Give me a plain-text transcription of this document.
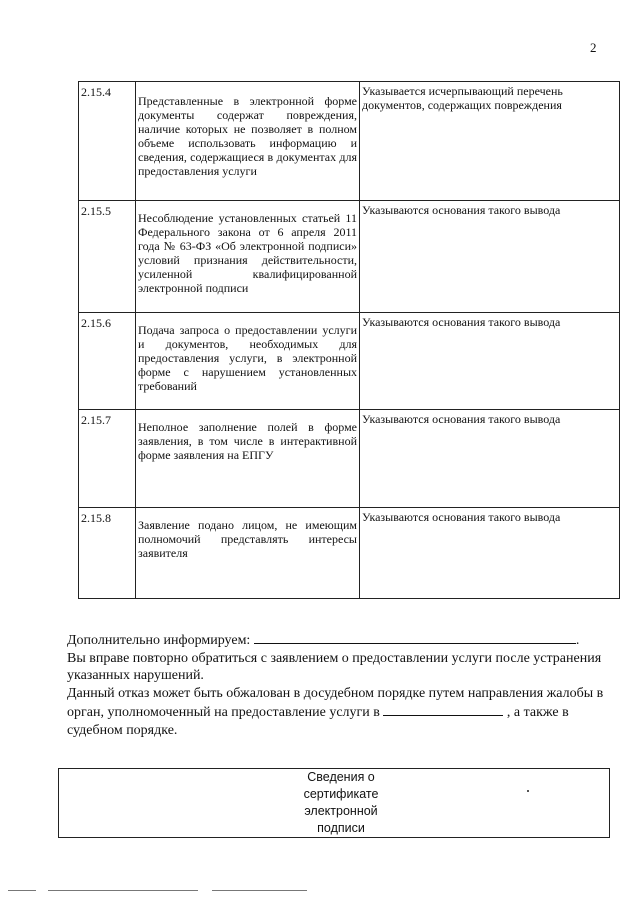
2
2.15.4	Представленные в электронной форме документы содержат повреждения, наличие которых не позволяет в полном объеме использовать информацию и сведения, содержащиеся в документах для предоставления услуги	Указывается исчерпывающий перечень документов, содержащих повреждения
2.15.5	Несоблюдение установленных статьей 11 Федерального закона от 6 апреля 2011 года № 63-ФЗ «Об электронной подписи» условий признания действительности, усиленной квалифицированной электронной подписи	Указываются основания такого вывода
2.15.6	Подача запроса о предоставлении услуги и документов, необходимых для предоставления услуги, в электронной форме с нарушением установленных требований	Указываются основания такого вывода
2.15.7	Неполное заполнение полей в форме заявления, в том числе в интерактивной форме заявления на ЕПГУ	Указываются основания такого вывода
2.15.8	Заявление подано лицом, не имеющим полномочий представлять интересы заявителя	Указываются основания такого вывода

Дополнительно информируем:	.

Вы вправе повторно обратиться с заявлением о предоставлении услуги после устранения указанных нарушений.

Данный отказ может быть обжалован в досудебном порядке путем направления жалобы в орган, уполномоченный на предоставление услуги в	, а также в судебном порядке.

Сведения о сертификате электронной подписи
